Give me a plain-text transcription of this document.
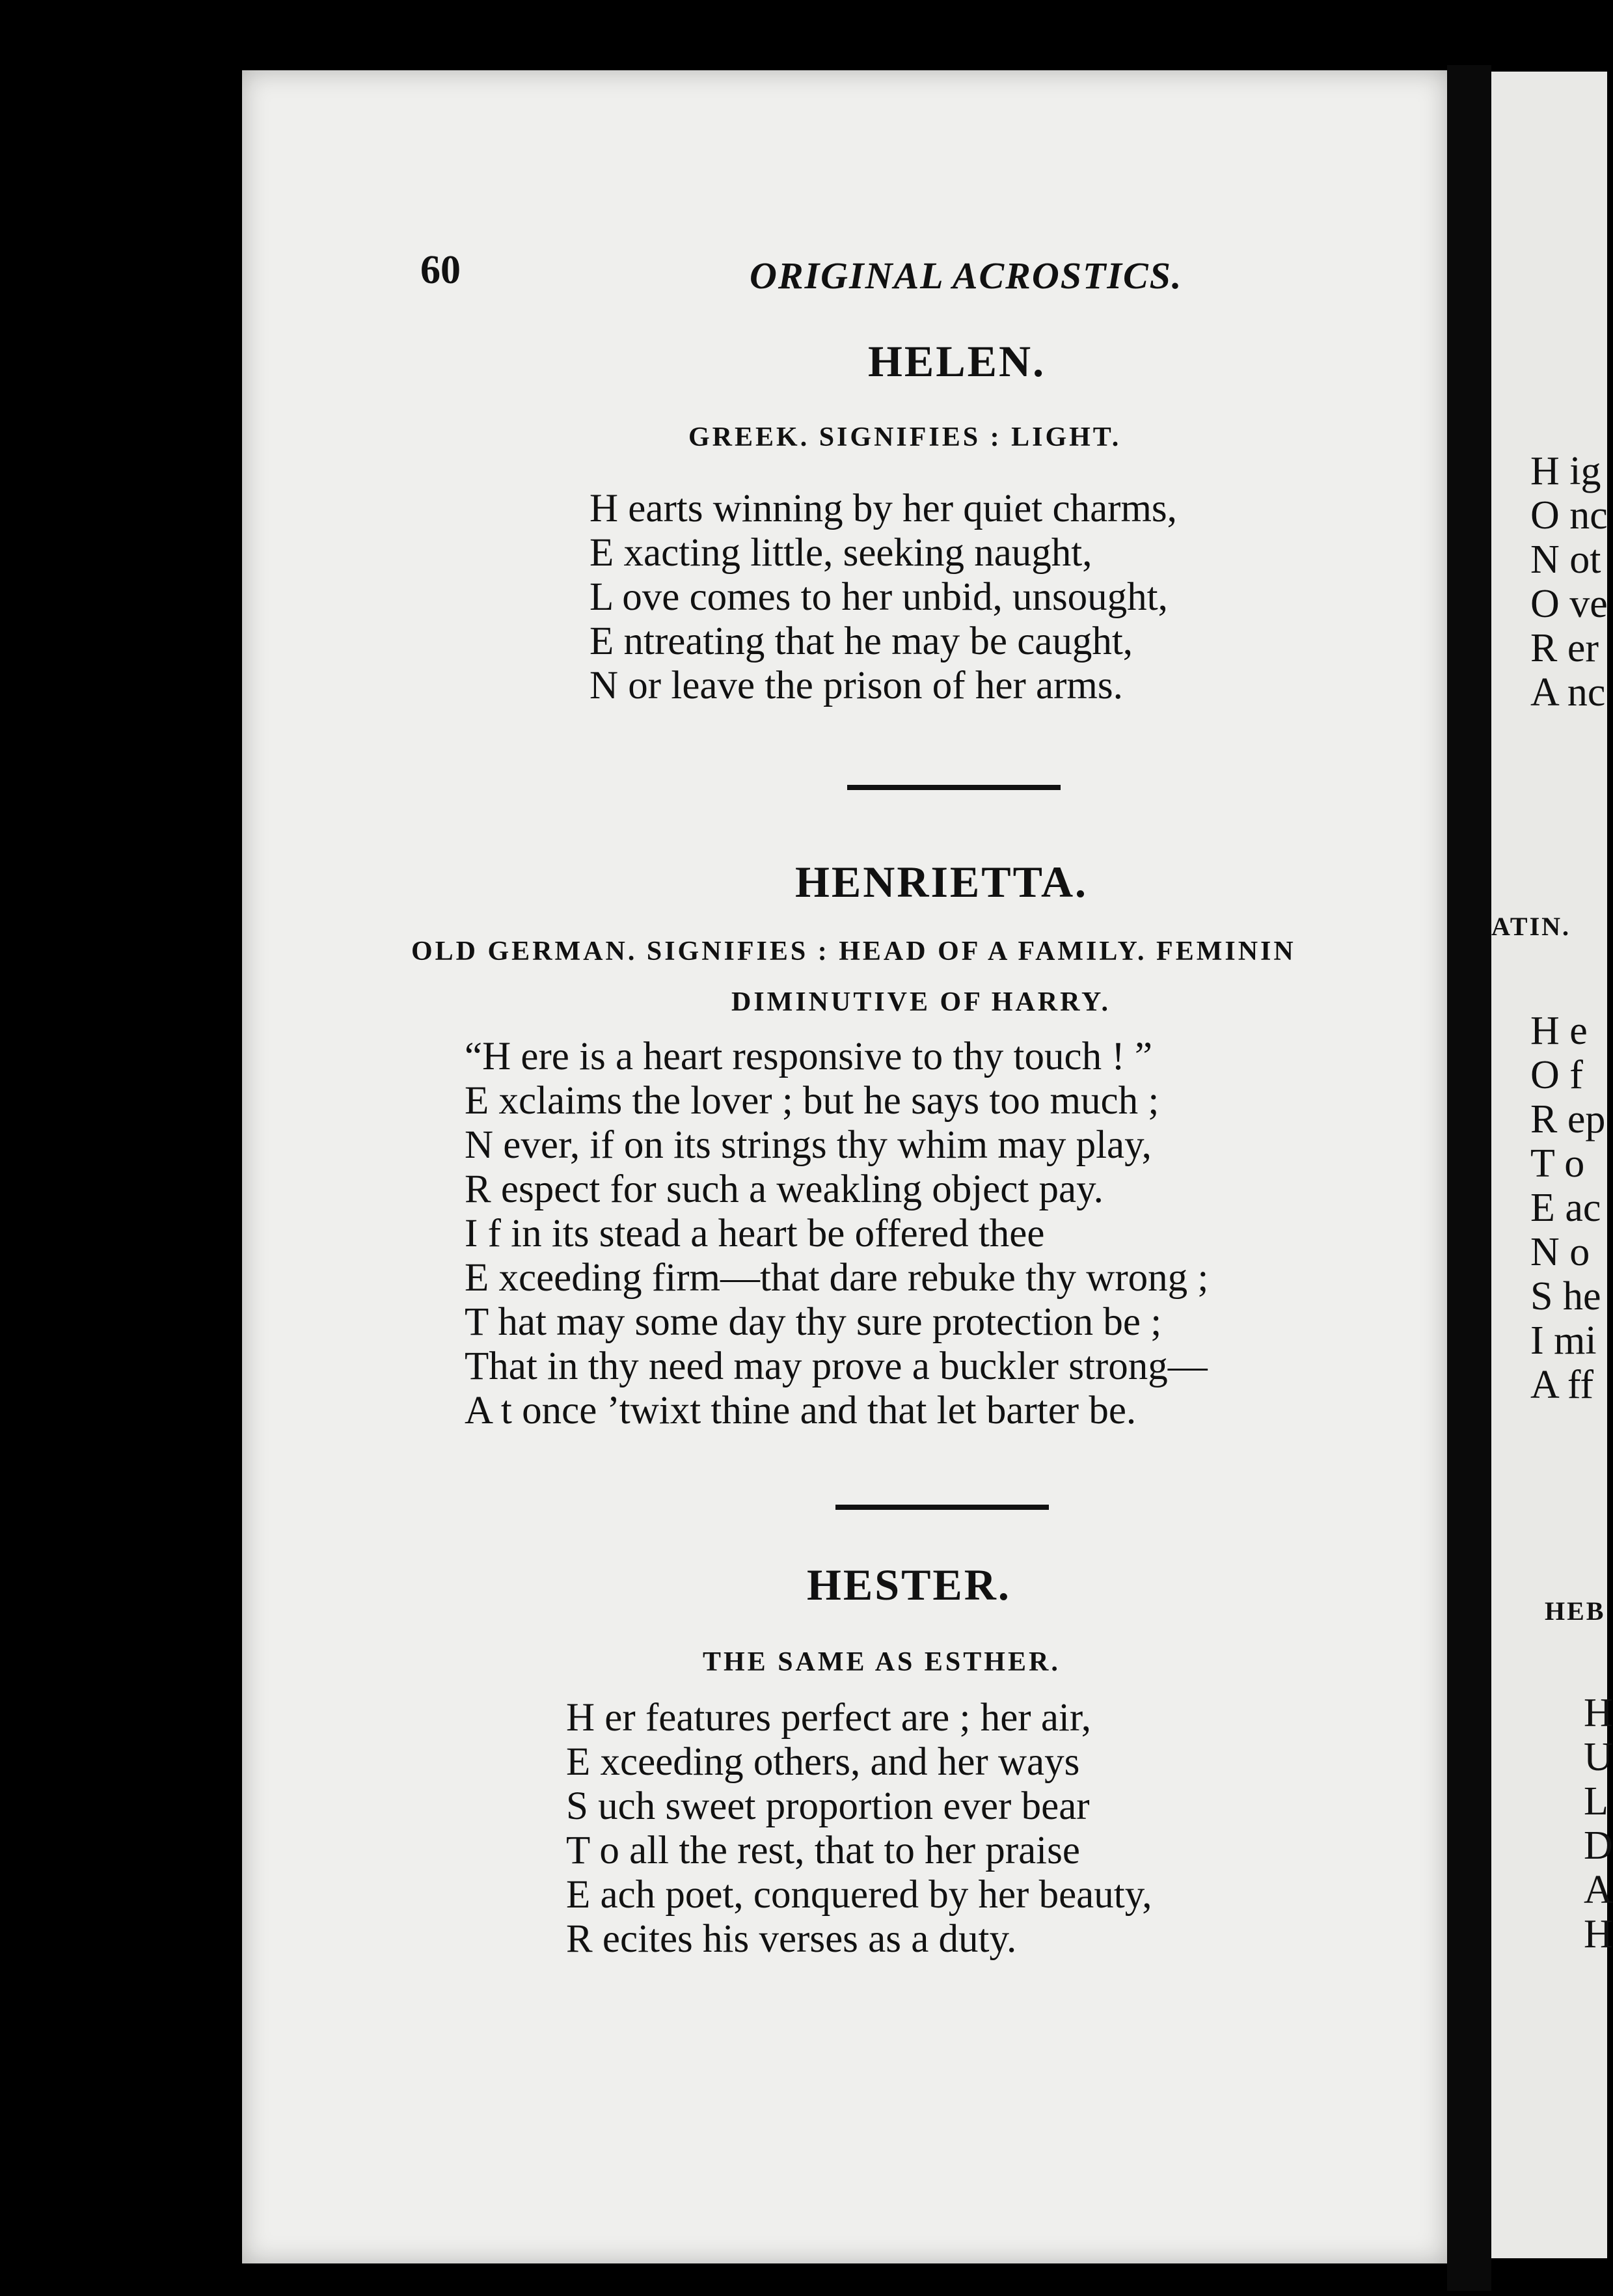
H ig
O nc
N ot
O ve
R er
A nc
ATIN.
H e
O f
R ep
T o
E ac
N o
S he
I mi
A ff
HEB
H
U
L
D
A
H
60	ORIGINAL ACROSTICS.
HELEN.
GREEK. SIGNIFIES : LIGHT.
H earts winning by her quiet charms,
E xacting little, seeking naught,
L ove comes to her unbid, unsought,
E ntreating that he may be caught,
N or leave the prison of her arms.
HENRIETTA.
OLD GERMAN. SIGNIFIES : HEAD OF A FAMILY. FEMININ
DIMINUTIVE OF HARRY.
“H ere is a heart responsive to thy touch ! ”
E xclaims the lover ; but he says too much ;
N ever, if on its strings thy whim may play,
R espect for such a weakling object pay.
I f in its stead a heart be offered thee
E xceeding firm—that dare rebuke thy wrong ;
T hat may some day thy sure protection be ;
That in thy need may prove a buckler strong—
A t once ’twixt thine and that let barter be.
HESTER.
THE SAME AS ESTHER.
H er features perfect are ; her air,
E xceeding others, and her ways
S uch sweet proportion ever bear
T o all the rest, that to her praise
E ach poet, conquered by her beauty,
R ecites his verses as a duty.
